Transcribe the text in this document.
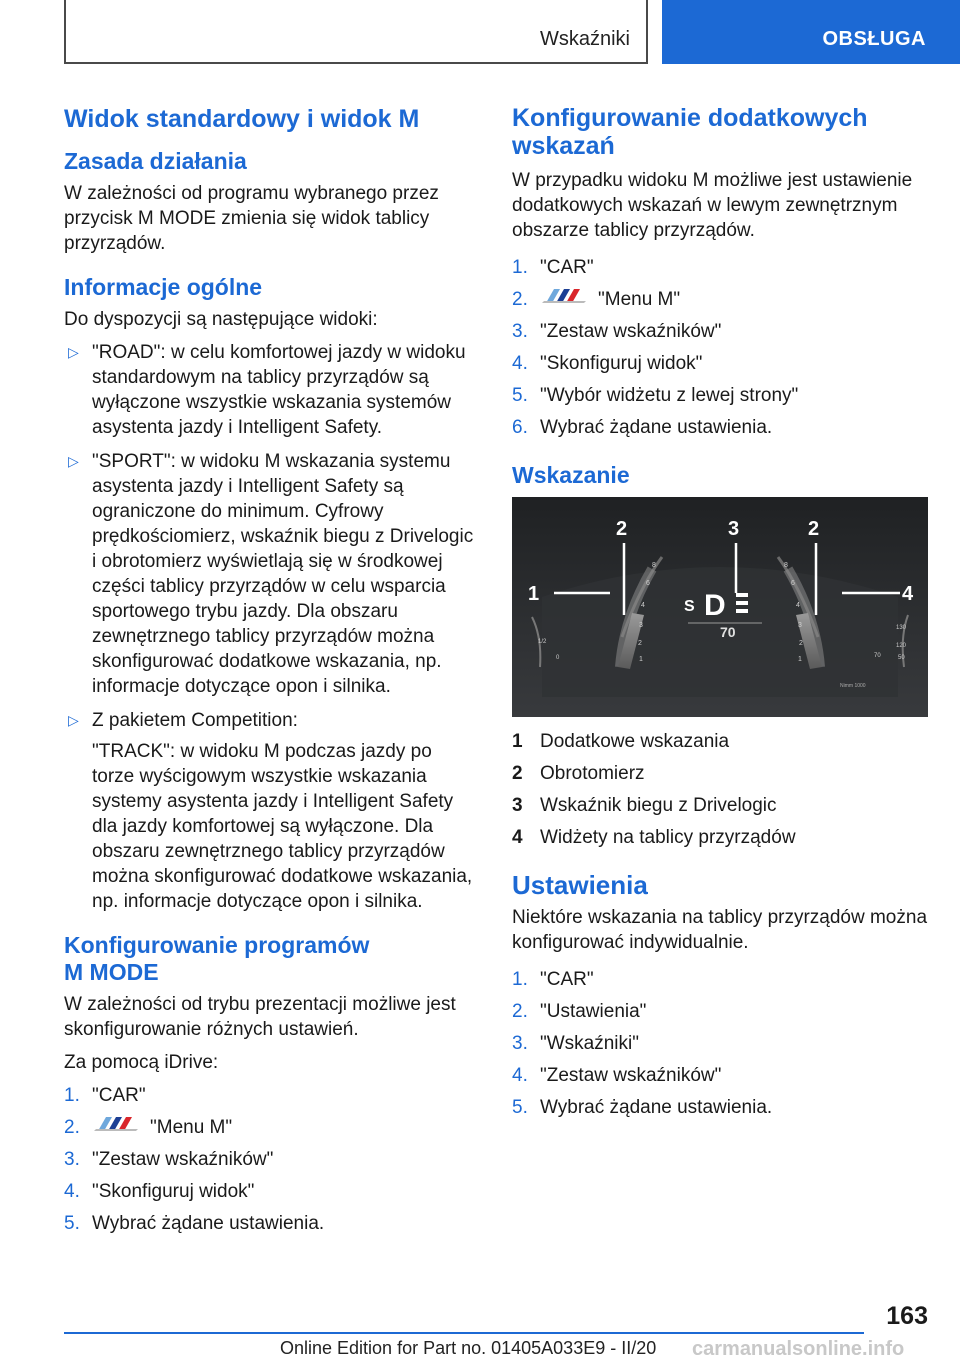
Wskaźniki	OBSŁUGA
Widok standardowy i widok M
Zasada działania

W zależności od programu wybranego przez przycisk M MODE zmienia się widok tablicy przyrządów.

Informacje ogólne

Do dyspozycji są następujące widoki:

▷ "ROAD": w celu komfortowej jazdy w widoku standardowym na tablicy przyrządów są wyłączone wszystkie wskazania systemów asystenta jazdy i Intelligent Safety.
▷ "SPORT": w widoku M wskazania systemu asystenta jazdy i Intelligent Safety są ograniczone do minimum. Cyfrowy prędkościomierz, wskaźnik biegu z Drivelogic i obrotomierz wyświetlają się w środkowej części tablicy przyrządów w celu wsparcia sportowego trybu jazdy. Dla obszaru zewnętrznego tablicy przyrządów można skonfigurować dodatkowe wskazania, np. informacje dotyczące opon i silnika.
▷ Z pakietem Competition:

"TRACK": w widoku M podczas jazdy po torze wyścigowym wszystkie wskazania systemy asystenta jazdy i Intelligent Safety dla jazdy komfortowej są wyłączone. Dla obszaru zewnętrznego tablicy przyrządów można skonfigurować dodatkowe wskazania, np. informacje dotyczące opon i silnika.

Konfigurowanie programów M MODE

W zależności od trybu prezentacji możliwe jest skonfigurowanie różnych ustawień.

Za pomocą iDrive:

1. "CAR"
2.	"Menu M"
3. "Zestaw wskaźników"
4. "Skonfiguruj widok"
5. Wybrać żądane ustawienia.
Konfigurowanie dodatkowych wskazań

W przypadku widoku M możliwe jest ustawienie dodatkowych wskazań w lewym zewnętrznym obszarze tablicy przyrządów.

1. "CAR"
2.	"Menu M"
3. "Zestaw wskaźników"
4. "Skonfiguruj widok"
5. "Wybór widżetu z lewej strony"
6. Wybrać żądane ustawienia.
Wskazanie
8
6
4
3
2
1
8
6
4
3
2
1
1/2
0
130
120
70	50
S D
70
Nimm 1000
1
2	3	2
4
1 Dodatkowe wskazania
2 Obrotomierz
3 Wskaźnik biegu z Drivelogic
4 Widżety na tablicy przyrządów
Ustawienia

Niektóre wskazania na tablicy przyrządów można konfigurować indywidualnie.

1. "CAR"
2. "Ustawienia"
3. "Wskaźniki"
4. "Zestaw wskaźników"
5. Wybrać żądane ustawienia.
163
Online Edition for Part no. 01405A033E9 - II/20 carmanualsonline.info
